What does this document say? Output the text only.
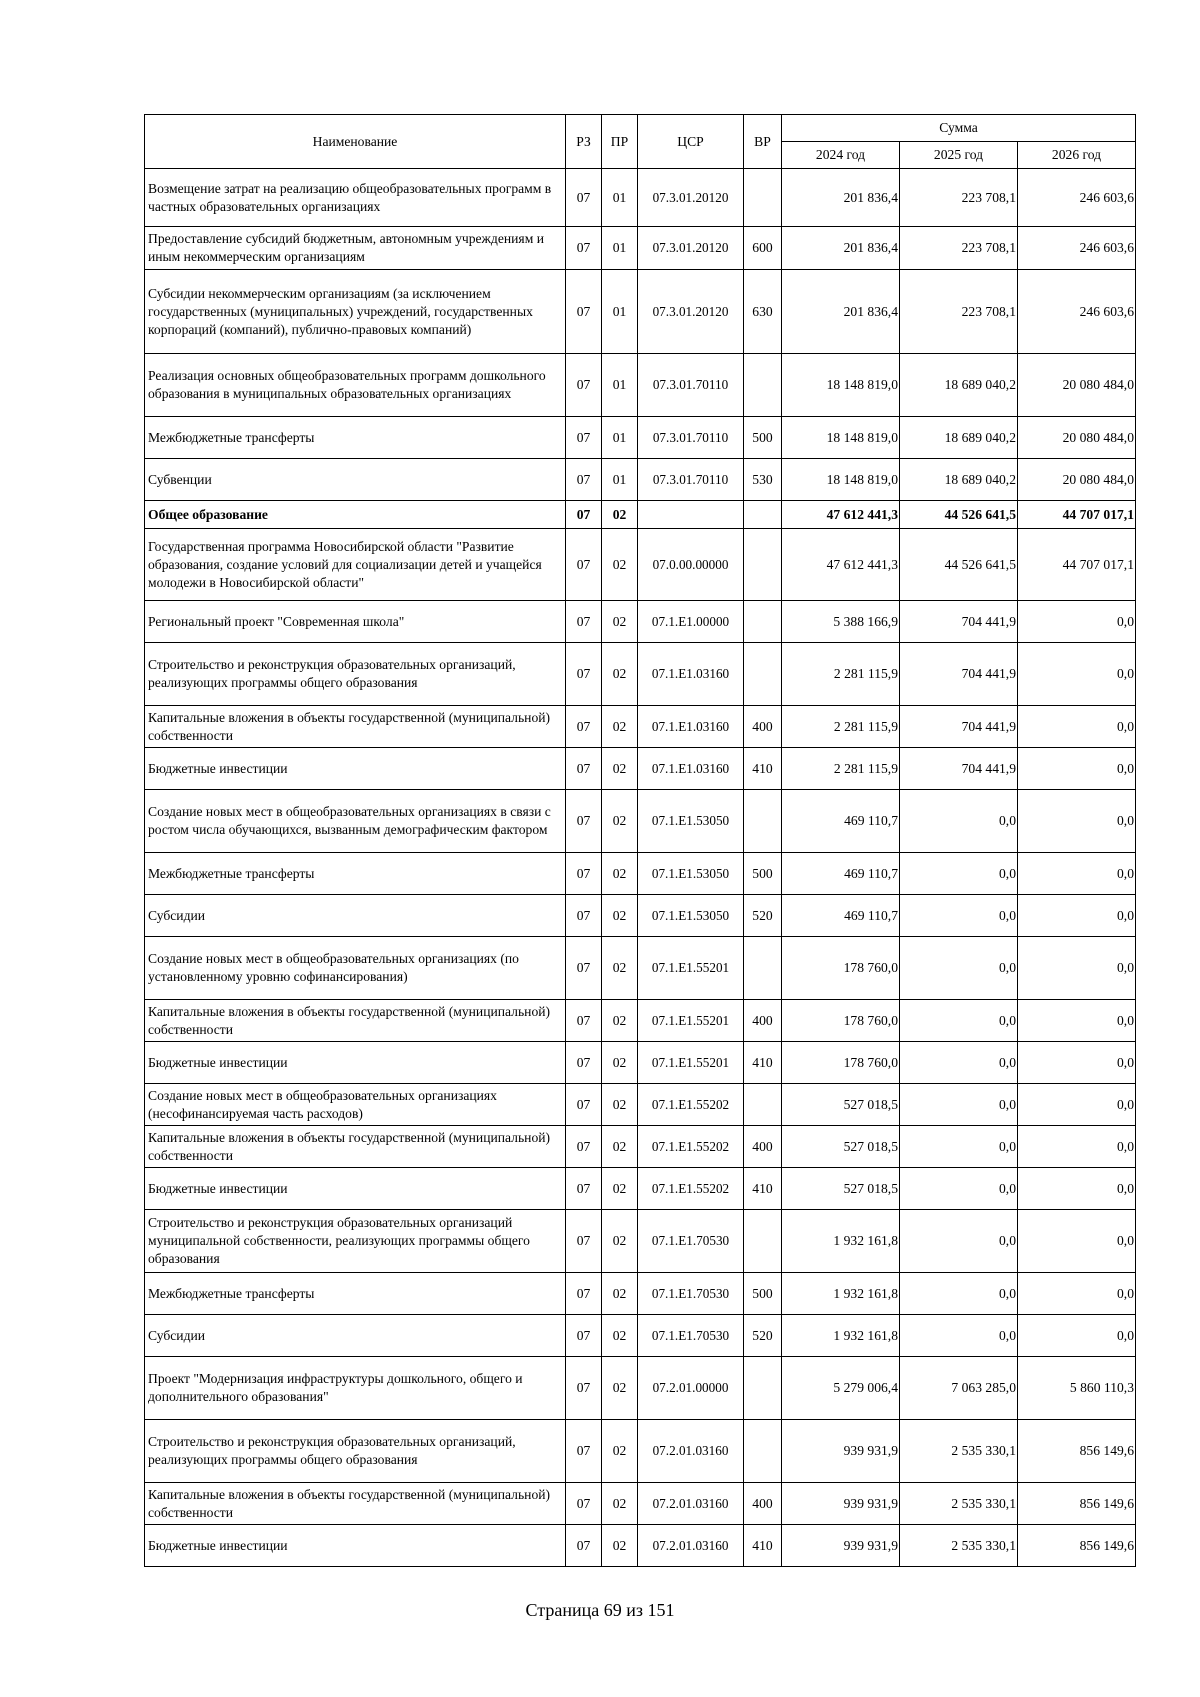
Наименование	РЗ	ПР	ЦСР	ВР	Сумма		
					2024 год	2025 год	2026 год
Возмещение затрат на реализацию общеобразовательных программ в частных образовательных организациях	07	01	07.3.01.20120		201 836,4	223 708,1	246 603,6
Предоставление субсидий бюджетным, автономным учреждениям и иным некоммерческим организациям	07	01	07.3.01.20120	600	201 836,4	223 708,1	246 603,6
Субсидии некоммерческим организациям (за исключением государственных (муниципальных) учреждений, государственных корпораций (компаний), публично-правовых компаний)	07	01	07.3.01.20120	630	201 836,4	223 708,1	246 603,6
Реализация основных общеобразовательных программ дошкольного образования в муниципальных образовательных организациях	07	01	07.3.01.70110		18 148 819,0	18 689 040,2	20 080 484,0
Межбюджетные трансферты	07	01	07.3.01.70110	500	18 148 819,0	18 689 040,2	20 080 484,0
Субвенции	07	01	07.3.01.70110	530	18 148 819,0	18 689 040,2	20 080 484,0
Общее образование	07	02			47 612 441,3	44 526 641,5	44 707 017,1
Государственная программа Новосибирской области "Развитие образования, создание условий для социализации детей и учащейся молодежи в Новосибирской области"	07	02	07.0.00.00000		47 612 441,3	44 526 641,5	44 707 017,1
Региональный проект "Современная школа"	07	02	07.1.E1.00000		5 388 166,9	704 441,9	0,0
Строительство и реконструкция образовательных организаций, реализующих программы общего образования	07	02	07.1.E1.03160		2 281 115,9	704 441,9	0,0
Капитальные вложения в объекты государственной (муниципальной) собственности	07	02	07.1.E1.03160	400	2 281 115,9	704 441,9	0,0
Бюджетные инвестиции	07	02	07.1.E1.03160	410	2 281 115,9	704 441,9	0,0
Создание новых мест в общеобразовательных организациях в связи с ростом числа обучающихся, вызванным демографическим фактором	07	02	07.1.E1.53050		469 110,7	0,0	0,0
Межбюджетные трансферты	07	02	07.1.E1.53050	500	469 110,7	0,0	0,0
Субсидии	07	02	07.1.E1.53050	520	469 110,7	0,0	0,0
Создание новых мест в общеобразовательных организациях (по установленному уровню софинансирования)	07	02	07.1.E1.55201		178 760,0	0,0	0,0
Капитальные вложения в объекты государственной (муниципальной) собственности	07	02	07.1.E1.55201	400	178 760,0	0,0	0,0
Бюджетные инвестиции	07	02	07.1.E1.55201	410	178 760,0	0,0	0,0
Создание новых мест в общеобразовательных организациях (несофинансируемая часть расходов)	07	02	07.1.E1.55202		527 018,5	0,0	0,0
Капитальные вложения в объекты государственной (муниципальной) собственности	07	02	07.1.E1.55202	400	527 018,5	0,0	0,0
Бюджетные инвестиции	07	02	07.1.E1.55202	410	527 018,5	0,0	0,0
Строительство и реконструкция образовательных организаций муниципальной собственности, реализующих программы общего образования	07	02	07.1.E1.70530		1 932 161,8	0,0	0,0
Межбюджетные трансферты	07	02	07.1.E1.70530	500	1 932 161,8	0,0	0,0
Субсидии	07	02	07.1.E1.70530	520	1 932 161,8	0,0	0,0
Проект "Модернизация инфраструктуры дошкольного, общего и дополнительного образования"	07	02	07.2.01.00000		5 279 006,4	7 063 285,0	5 860 110,3
Строительство и реконструкция образовательных организаций, реализующих программы общего образования	07	02	07.2.01.03160		939 931,9	2 535 330,1	856 149,6
Капитальные вложения в объекты государственной (муниципальной) собственности	07	02	07.2.01.03160	400	939 931,9	2 535 330,1	856 149,6
Бюджетные инвестиции	07	02	07.2.01.03160	410	939 931,9	2 535 330,1	856 149,6
Страница 69 из 151
